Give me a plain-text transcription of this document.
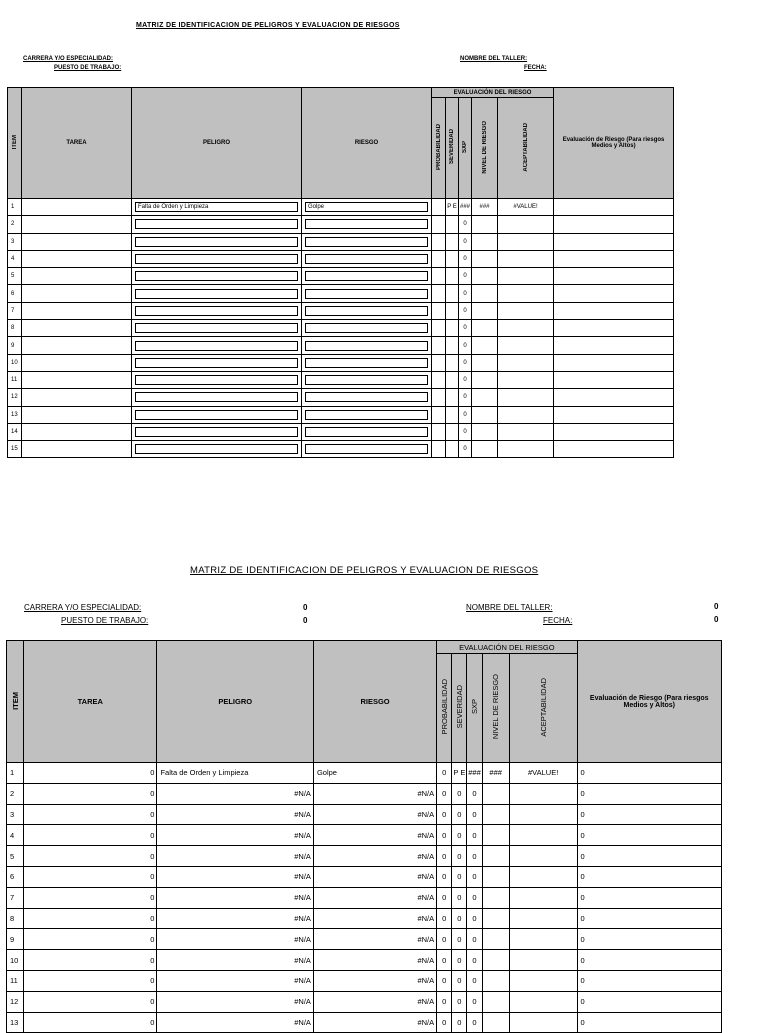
MATRIZ DE IDENTIFICACION DE PELIGROS Y EVALUACION DE RIESGOS
CARRERA Y/O ESPECIALIDAD:
PUESTO DE TRABAJO:
NOMBRE DEL TALLER:
FECHA:
ITEM	TAREA	PELIGRO	RIESGO	EVALUACIÓN DEL RIESGO					Evaluación de Riesgo (Para riesgos Medios y Altos)
				PROBABILIDAD	SEVERIDAD	SXP	NIVEL DE RIESGO	ACEPTABILIDAD	
1		Falta de Orden y Limpieza	Golpe		P E	###	###	#VALUE!	
2						0			
3						0			
4						0			
5						0			
6						0			
7						0			
8						0			
9						0			
10						0			
11						0			
12						0			
13						0			
14						0			
15						0			
MATRIZ DE IDENTIFICACION DE PELIGROS Y EVALUACION DE RIESGOS
CARRERA Y/O ESPECIALIDAD:	0
PUESTO DE TRABAJO:	0
NOMBRE DEL TALLER:	0
FECHA:	0
ITEM	TAREA	PELIGRO	RIESGO	EVALUACIÓN DEL RIESGO					Evaluación de Riesgo (Para riesgos Medios y Altos)
				PROBABILIDAD	SEVERIDAD	SXP	NIVEL DE RIESGO	ACEPTABILIDAD	
1	0	Falta de Orden y Limpieza	Golpe	0	P E	###	###	#VALUE!	0
2	0	#N/A	#N/A	0	0	0			0
3	0	#N/A	#N/A	0	0	0			0
4	0	#N/A	#N/A	0	0	0			0
5	0	#N/A	#N/A	0	0	0			0
6	0	#N/A	#N/A	0	0	0			0
7	0	#N/A	#N/A	0	0	0			0
8	0	#N/A	#N/A	0	0	0			0
9	0	#N/A	#N/A	0	0	0			0
10	0	#N/A	#N/A	0	0	0			0
11	0	#N/A	#N/A	0	0	0			0
12	0	#N/A	#N/A	0	0	0			0
13	0	#N/A	#N/A	0	0	0			0
